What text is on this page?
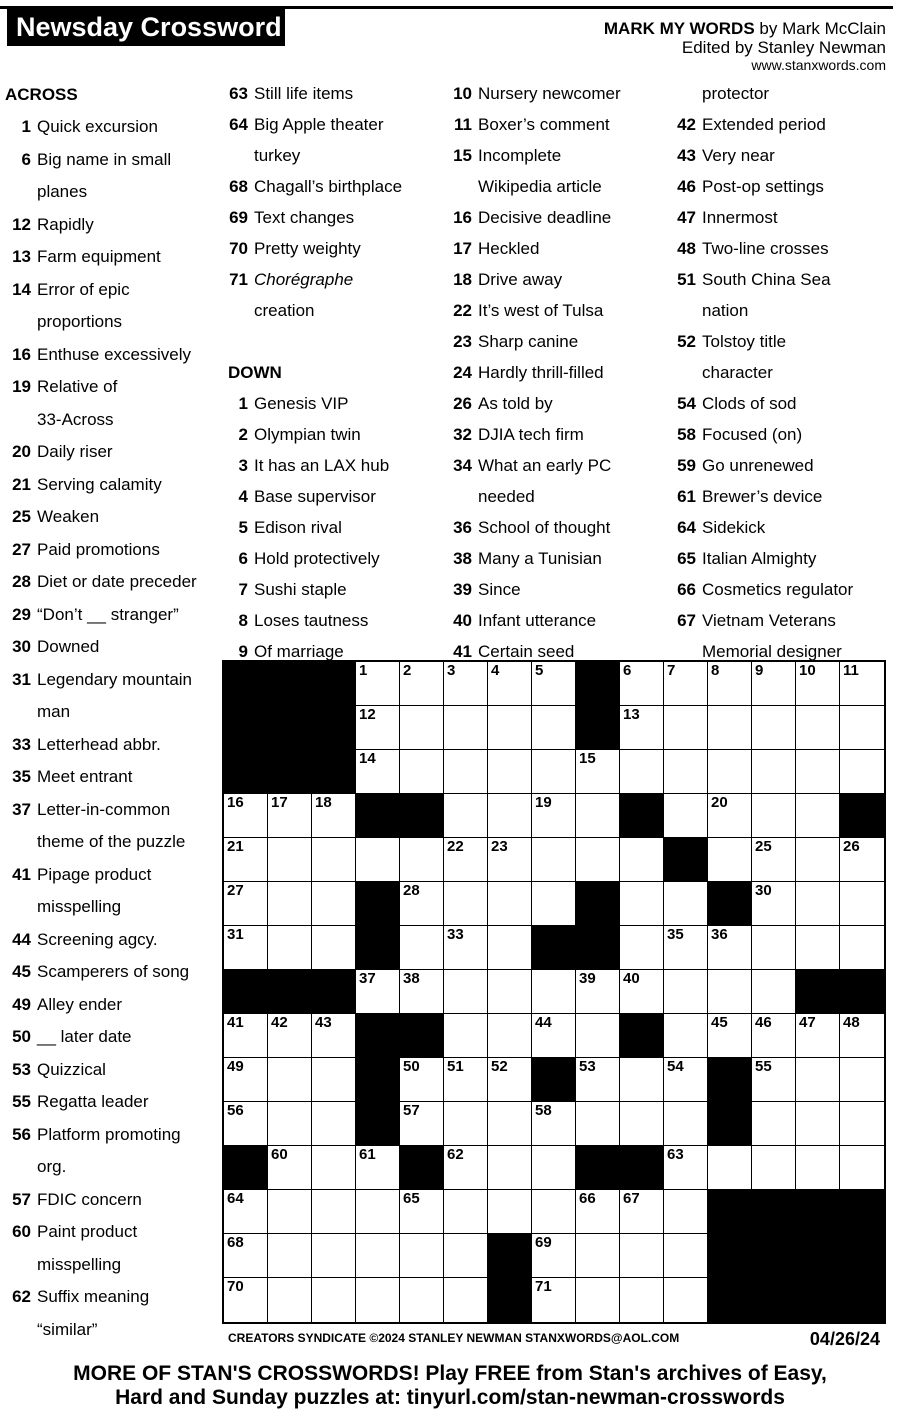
Newsday Crossword	MARK MY WORDS by Mark McClain
Edited by Stanley Newman
www.stanxwords.com
ACROSS
1 Quick excursion
6 Big name in small
planes
12 Rapidly
13 Farm equipment
14 Error of epic
proportions
16 Enthuse excessively
19 Relative of
33-Across
20 Daily riser
21 Serving calamity
25 Weaken
27 Paid promotions
28 Diet or date preceder
29 “Don’t __ stranger”
30 Downed
31 Legendary mountain
man
33 Letterhead abbr.
35 Meet entrant
37 Letter-in-common
theme of the puzzle
41 Pipage product
misspelling
44 Screening agcy.
45 Scamperers of song
49 Alley ender
50 __ later date
53 Quizzical
55 Regatta leader
56 Platform promoting
org.
57 FDIC concern
60 Paint product
misspelling
62 Suffix meaning
“similar”
63 Still life items
64 Big Apple theater
turkey
68 Chagall’s birthplace
69 Text changes
70 Pretty weighty
71 Chorégraphe
creation
DOWN
1 Genesis VIP
2 Olympian twin
3 It has an LAX hub
4 Base supervisor
5 Edison rival
6 Hold protectively
7 Sushi staple
8 Loses tautness
9 Of marriage
10 Nursery newcomer
11 Boxer’s comment
15 Incomplete
Wikipedia article
16 Decisive deadline
17 Heckled
18 Drive away
22 It’s west of Tulsa
23 Sharp canine
24 Hardly thrill-filled
26 As told by
32 DJIA tech firm
34 What an early PC
needed
36 School of thought
38 Many a Tunisian
39 Since
40 Infant utterance
41 Certain seed
protector
42 Extended period
43 Very near
46 Post-op settings
47 Innermost
48 Two-line crosses
51 South China Sea
nation
52 Tolstoy title
character
54 Clods of sod
58 Focused (on)
59 Go unrenewed
61 Brewer’s device
64 Sidekick
65 Italian Almighty
66 Cosmetics regulator
67 Vietnam Veterans
Memorial designer
1 2 3 4 5	6 7 8 9 10 11
12	13
14	15
16 17 18	19	20
21	22 23	25	26
27	28	30
31	33	35 36
37 38	39 40
41 42 43	44	45 46 47 48
49	50 51 52	53	54	55
56	57	58
60	61	62	63
64	65	66 67
68	69
70	71
CREATORS SYNDICATE ©2024 STANLEY NEWMAN STANXWORDS@AOL.COM	04/26/24
MORE OF STAN'S CROSSWORDS! Play FREE from Stan's archives of Easy,
Hard and Sunday puzzles at: tinyurl.com/stan-newman-crosswords
